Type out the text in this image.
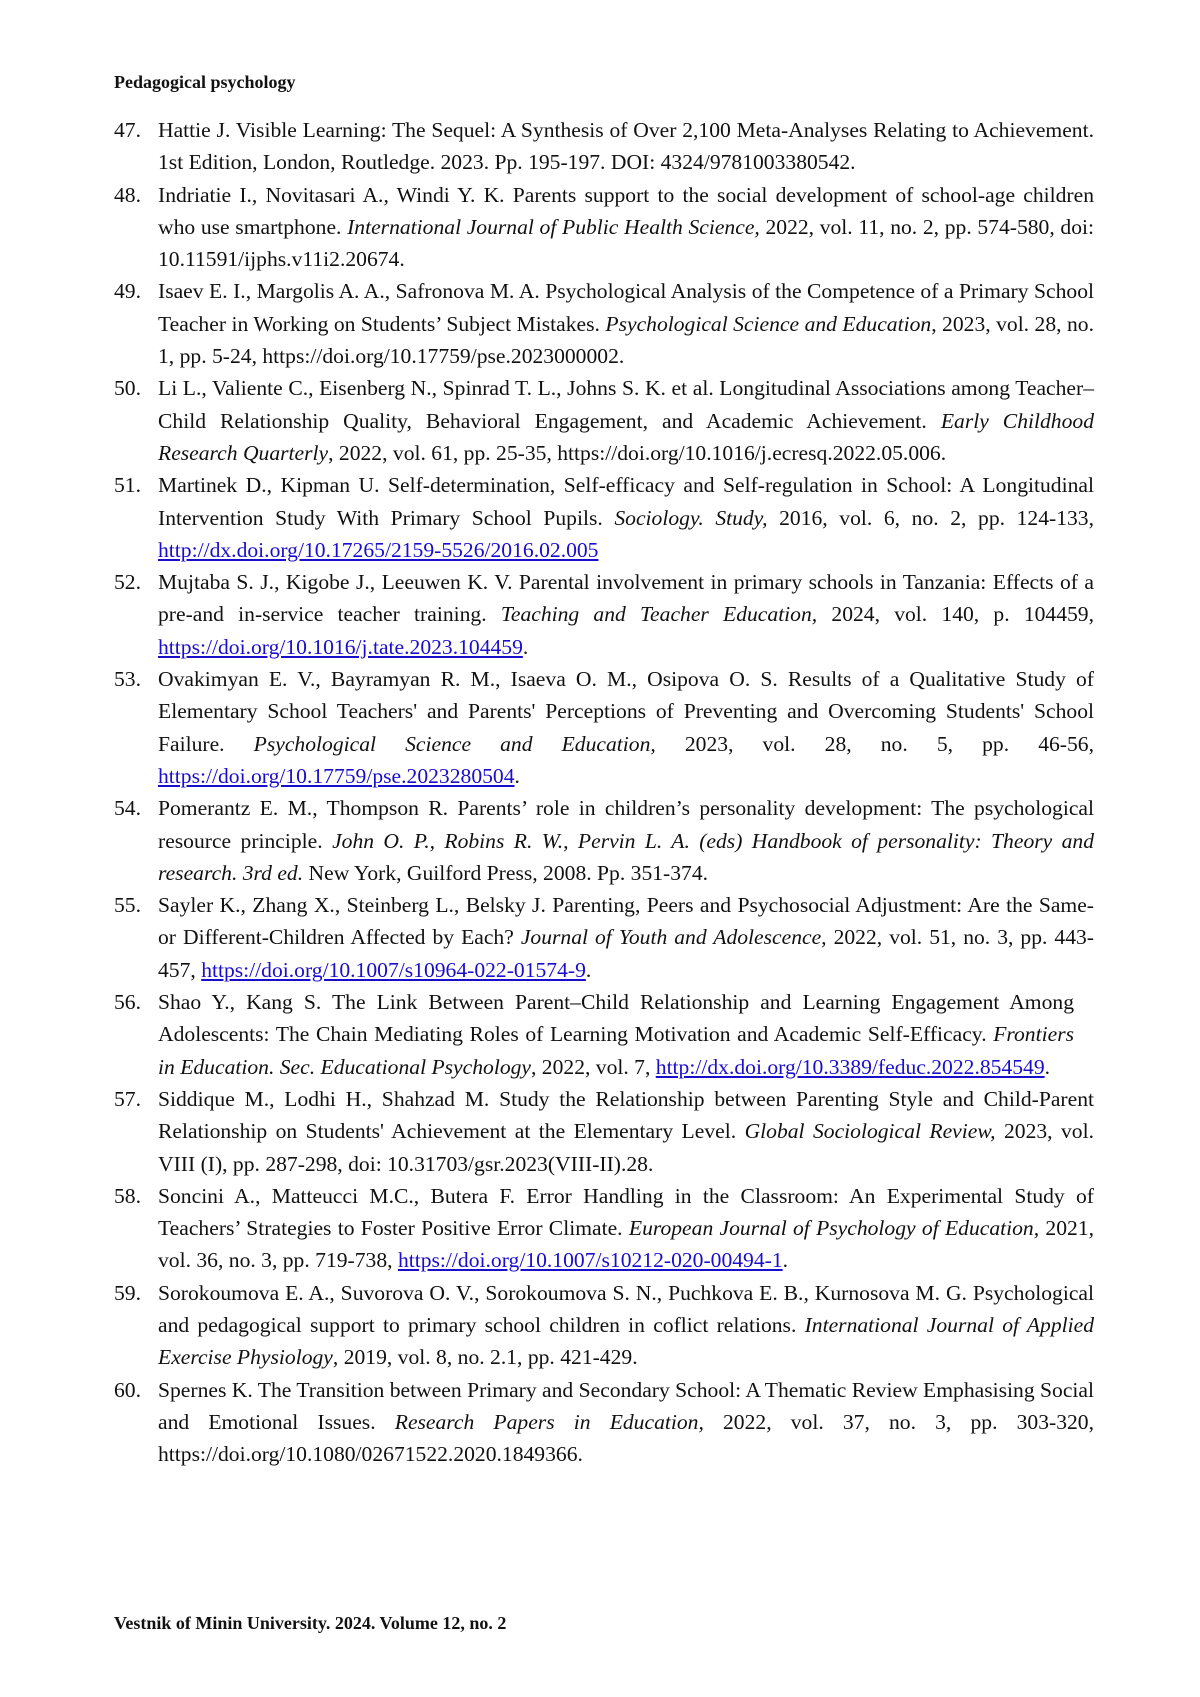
Pedagogical psychology
47. Hattie J. Visible Learning: The Sequel: A Synthesis of Over 2,100 Meta-Analyses Relating to Achievement. 1st Edition, London, Routledge. 2023. Pp. 195-197. DOI: 4324/9781003380542.
48. Indriatie I., Novitasari A., Windi Y. K. Parents support to the social development of school-age children who use smartphone. International Journal of Public Health Science, 2022, vol. 11, no. 2, pp. 574-580, doi: 10.11591/ijphs.v11i2.20674.
49. Isaev E. I., Margolis A. A., Safronova M. A. Psychological Analysis of the Competence of a Primary School Teacher in Working on Students’ Subject Mistakes. Psychological Science and Education, 2023, vol. 28, no. 1, pp. 5-24, https://doi.org/10.17759/pse.2023000002.
50. Li L., Valiente C., Eisenberg N., Spinrad T. L., Johns S. K. et al. Longitudinal Associations among Teacher–Child Relationship Quality, Behavioral Engagement, and Academic Achievement. Early Childhood Research Quarterly, 2022, vol. 61, pp. 25-35, https://doi.org/10.1016/j.ecresq.2022.05.006.
51. Martinek D., Kipman U. Self-determination, Self-efficacy and Self-regulation in School: A Longitudinal Intervention Study With Primary School Pupils. Sociology. Study, 2016, vol. 6, no. 2, pp. 124-133, http://dx.doi.org/10.17265/2159-5526/2016.02.005
52. Mujtaba S. J., Kigobe J., Leeuwen K. V. Parental involvement in primary schools in Tanzania: Effects of a pre-and in-service teacher training. Teaching and Teacher Education, 2024, vol. 140, p. 104459, https://doi.org/10.1016/j.tate.2023.104459.
53. Ovakimyan E. V., Bayramyan R. M., Isaeva O. M., Osipova O. S. Results of a Qualitative Study of Elementary School Teachers' and Parents' Perceptions of Preventing and Overcoming Students' School Failure. Psychological Science and Education, 2023, vol. 28, no. 5, pp. 46-56, https://doi.org/10.17759/pse.2023280504.
54. Pomerantz E. M., Thompson R. Parents’ role in children’s personality development: The psychological resource principle. John O. P., Robins R. W., Pervin L. A. (eds) Handbook of personality: Theory and research. 3rd ed. New York, Guilford Press, 2008. Pp. 351-374.
55. Sayler K., Zhang X., Steinberg L., Belsky J. Parenting, Peers and Psychosocial Adjustment: Are the Same-or Different-Children Affected by Each? Journal of Youth and Adolescence, 2022, vol. 51, no. 3, pp. 443-457, https://doi.org/10.1007/s10964-022-01574-9.
56. Shao Y., Kang S. The Link Between Parent–Child Relationship and Learning Engagement Among Adolescents: The Chain Mediating Roles of Learning Motivation and Academic Self-Efficacy. Frontiers in Education. Sec. Educational Psychology, 2022, vol. 7, http://dx.doi.org/10.3389/feduc.2022.854549.
57. Siddique M., Lodhi H., Shahzad M. Study the Relationship between Parenting Style and Child-Parent Relationship on Students' Achievement at the Elementary Level. Global Sociological Review, 2023, vol. VIII (I), pp. 287-298, doi: 10.31703/gsr.2023(VIII-II).28.
58. Soncini A., Matteucci M.C., Butera F. Error Handling in the Classroom: An Experimental Study of Teachers’ Strategies to Foster Positive Error Climate. European Journal of Psychology of Education, 2021, vol. 36, no. 3, pp. 719-738, https://doi.org/10.1007/s10212-020-00494-1.
59. Sorokoumova E. A., Suvorova O. V., Sorokoumova S. N., Puchkova E. B., Kurnosova M. G. Psychological and pedagogical support to primary school children in coflict relations. International Journal of Applied Exercise Physiology, 2019, vol. 8, no. 2.1, pp. 421-429.
60. Spernes K. The Transition between Primary and Secondary School: A Thematic Review Emphasising Social and Emotional Issues. Research Papers in Education, 2022, vol. 37, no. 3, pp. 303-320, https://doi.org/10.1080/02671522.2020.1849366.
Vestnik of Minin University. 2024. Volume 12, no. 2
